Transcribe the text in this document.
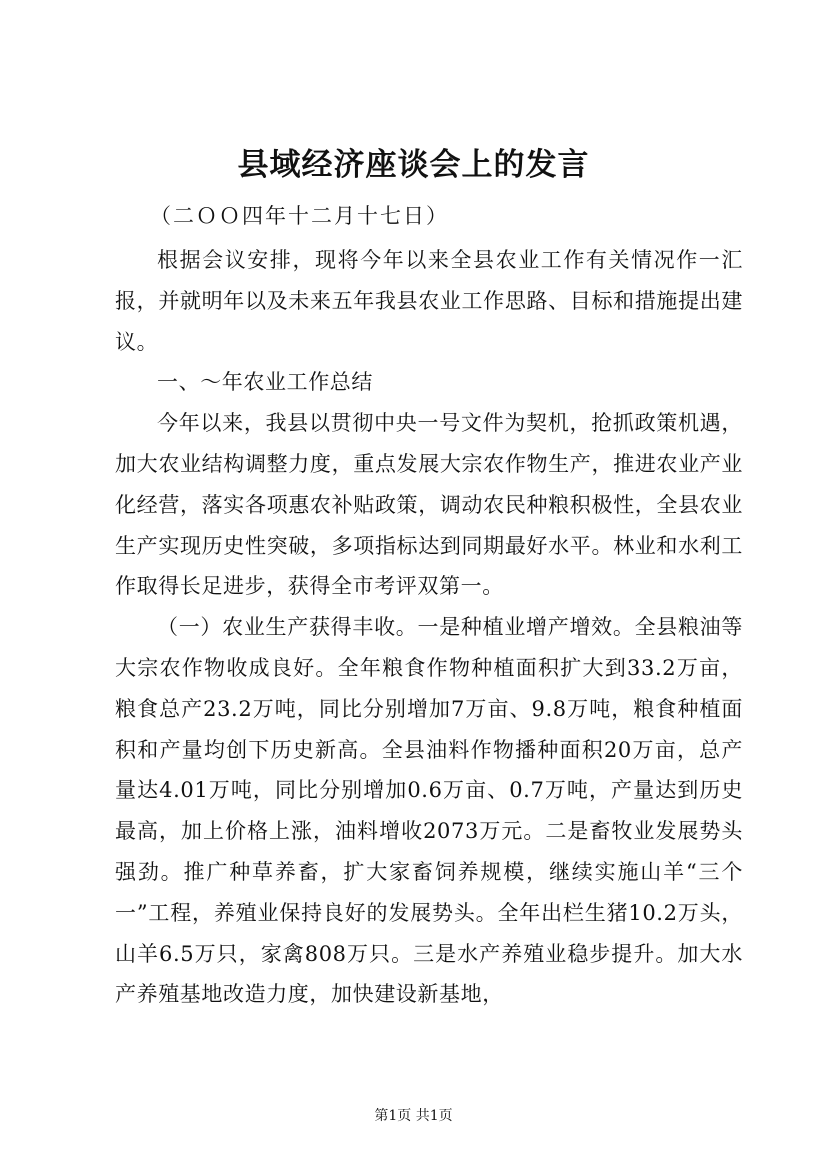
县域经济座谈会上的发言
（二ＯＯ四年十二月十七日）

根据会议安排，现将今年以来全县农业工作有关情况作一汇报，并就明年以及未来五年我县农业工作思路、目标和措施提出建议。

一、～年农业工作总结

今年以来，我县以贯彻中央一号文件为契机，抢抓政策机遇，加大农业结构调整力度，重点发展大宗农作物生产，推进农业产业化经营，落实各项惠农补贴政策，调动农民种粮积极性，全县农业生产实现历史性突破，多项指标达到同期最好水平。林业和水利工作取得长足进步，获得全市考评双第一。

（一）农业生产获得丰收。一是种植业增产增效。全县粮油等大宗农作物收成良好。全年粮食作物种植面积扩大到33.2万亩，粮食总产23.2万吨，同比分别增加7万亩、9.8万吨，粮食种植面积和产量均创下历史新高。全县油料作物播种面积20万亩，总产量达4.01万吨，同比分别增加0.6万亩、0.7万吨，产量达到历史最高，加上价格上涨，油料增收2073万元。二是畜牧业发展势头强劲。推广种草养畜，扩大家畜饲养规模，继续实施山羊“三个一”工程，养殖业保持良好的发展势头。全年出栏生猪10.2万头，山羊6.5万只，家禽808万只。三是水产养殖业稳步提升。加大水产养殖基地改造力度，加快建设新基地，

第1页 共1页
